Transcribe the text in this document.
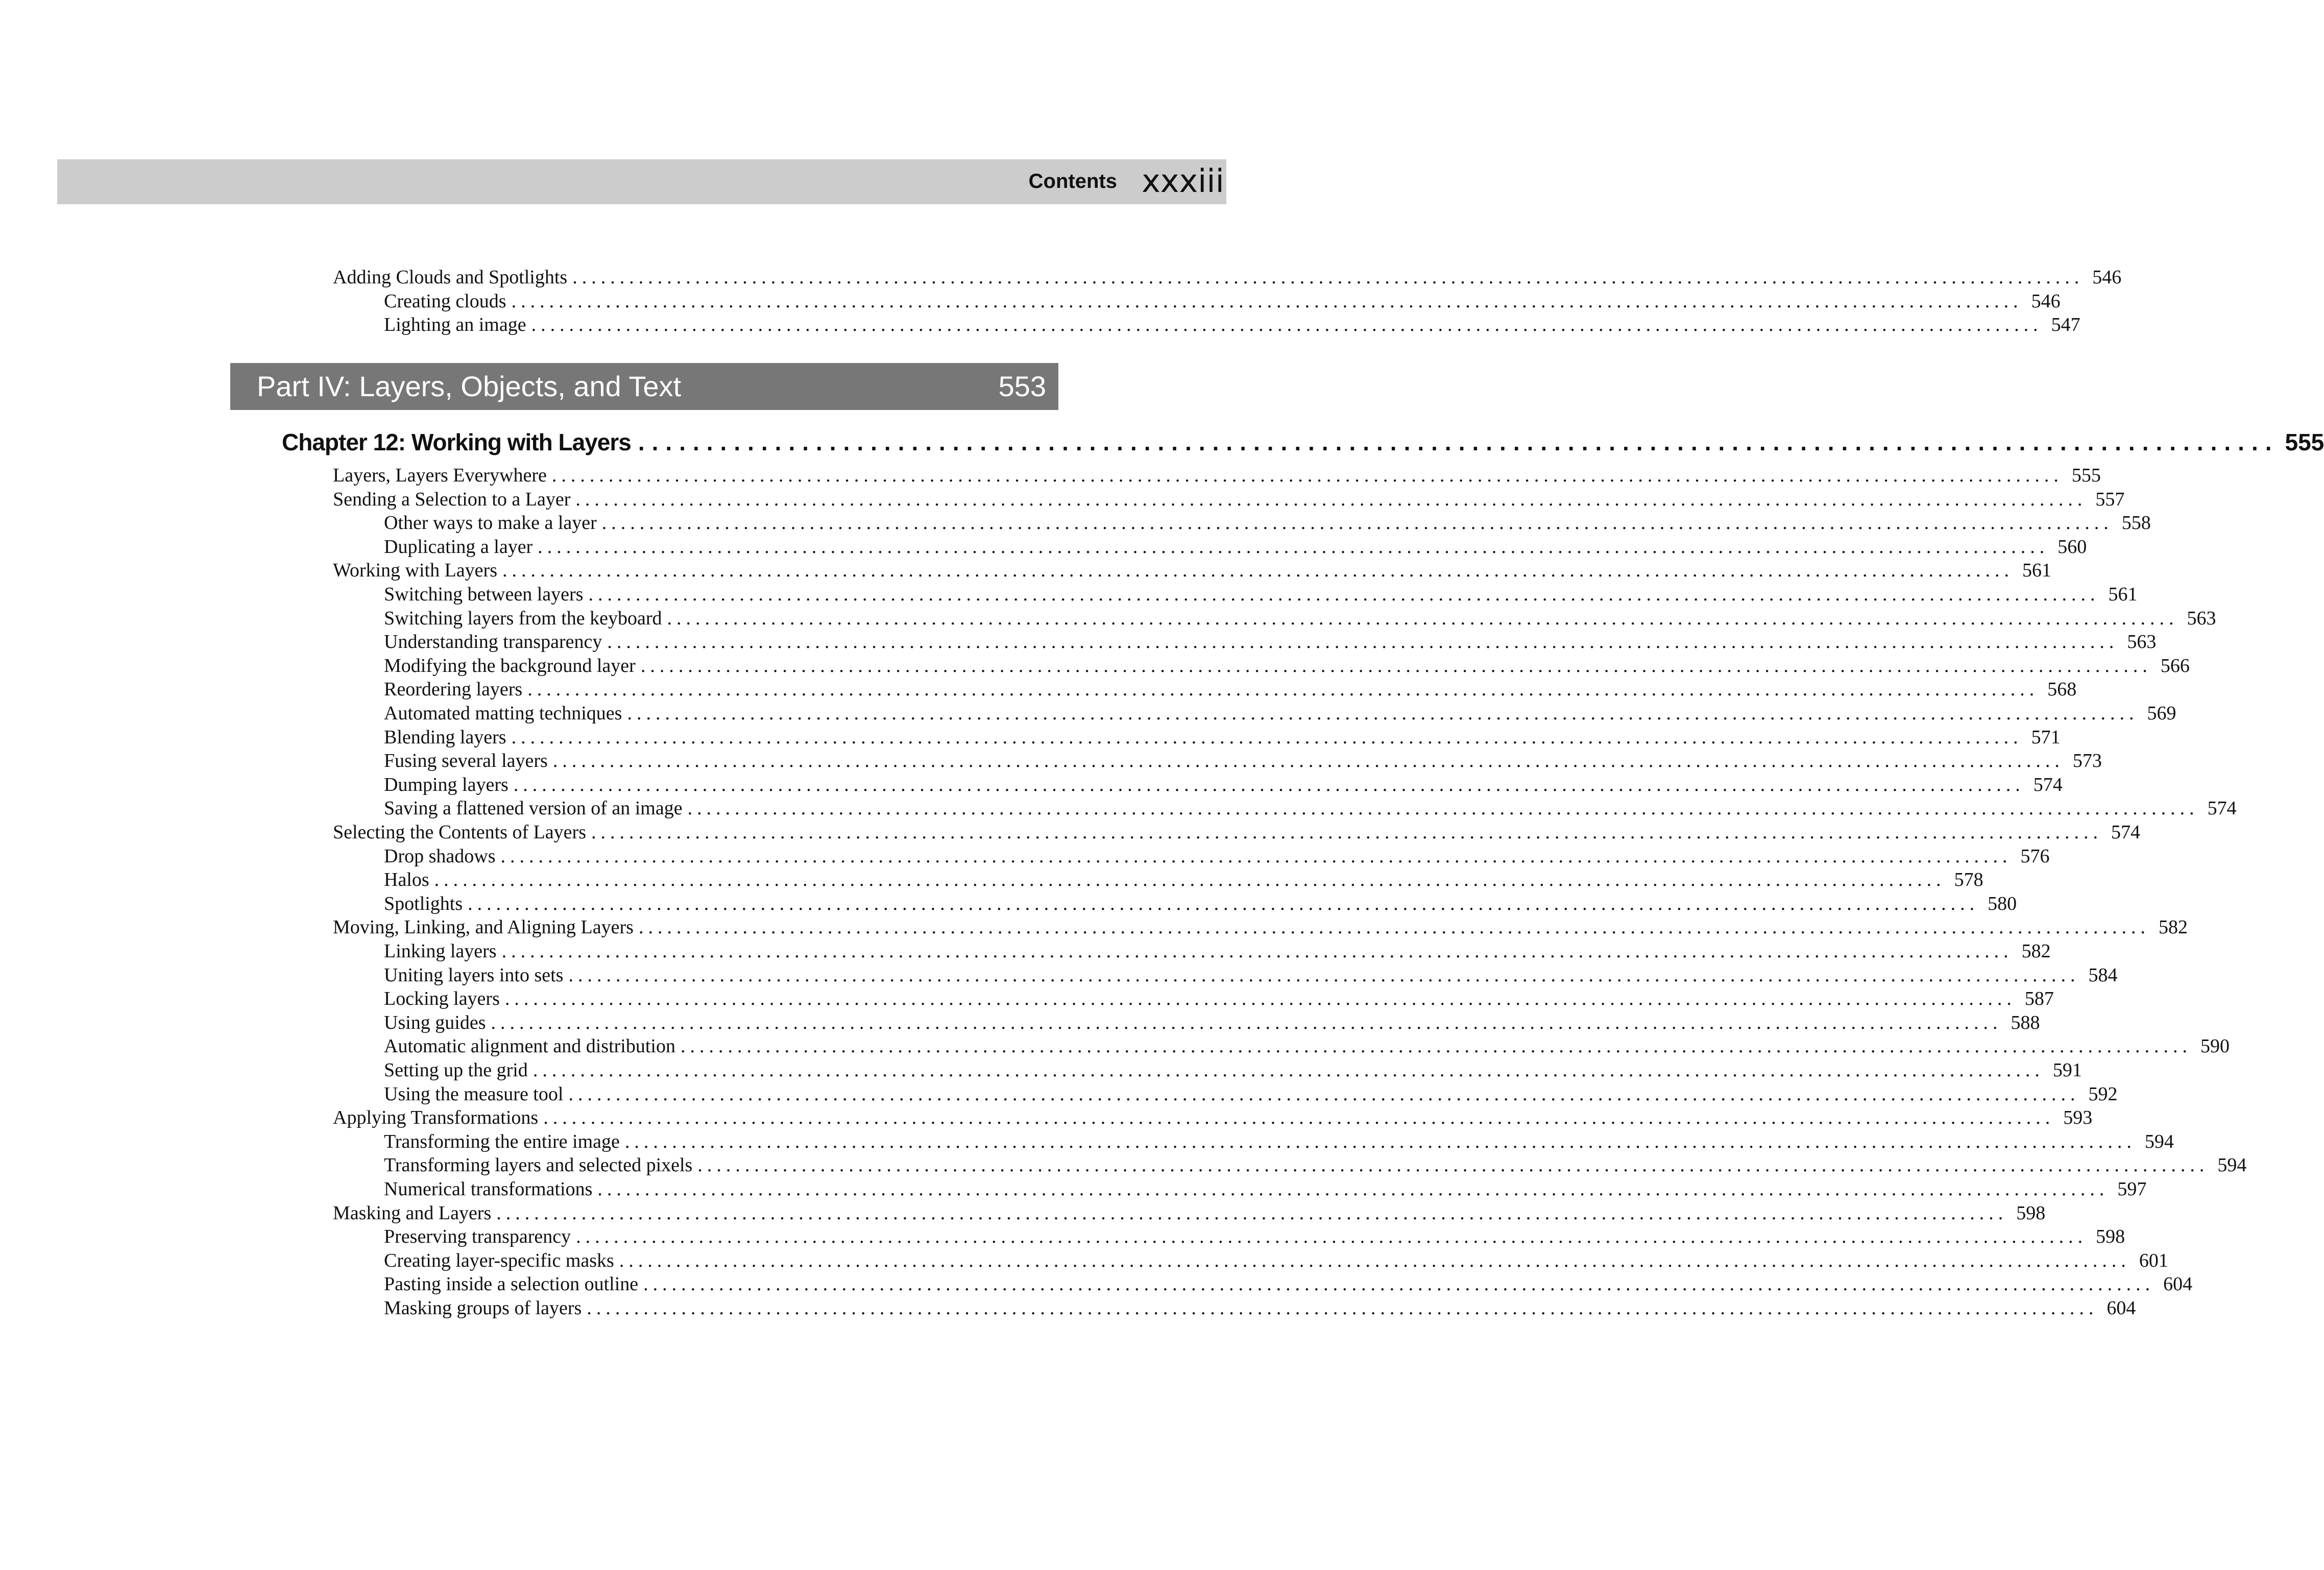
Contents xxxiii
Adding Clouds and Spotlights ................................................................................................................................................................ 546
Creating clouds ................................................................................................................................................................ 546
Lighting an image ................................................................................................................................................................ 547
Part IV: Layers, Objects, and Text	553
Chapter 12: Working with Layers ........................................................................................................................ 555
Layers, Layers Everywhere ................................................................................................................................................................ 555
Sending a Selection to a Layer ................................................................................................................................................................ 557
Other ways to make a layer ................................................................................................................................................................ 558
Duplicating a layer ................................................................................................................................................................ 560
Working with Layers ................................................................................................................................................................ 561
Switching between layers ................................................................................................................................................................ 561
Switching layers from the keyboard ................................................................................................................................................................ 563
Understanding transparency ................................................................................................................................................................ 563
Modifying the background layer ................................................................................................................................................................ 566
Reordering layers ................................................................................................................................................................ 568
Automated matting techniques ................................................................................................................................................................ 569
Blending layers ................................................................................................................................................................ 571
Fusing several layers ................................................................................................................................................................ 573
Dumping layers ................................................................................................................................................................ 574
Saving a flattened version of an image ................................................................................................................................................................ 574
Selecting the Contents of Layers ................................................................................................................................................................ 574
Drop shadows ................................................................................................................................................................ 576
Halos ................................................................................................................................................................ 578
Spotlights ................................................................................................................................................................ 580
Moving, Linking, and Aligning Layers ................................................................................................................................................................ 582
Linking layers ................................................................................................................................................................ 582
Uniting layers into sets ................................................................................................................................................................ 584
Locking layers ................................................................................................................................................................ 587
Using guides ................................................................................................................................................................ 588
Automatic alignment and distribution ................................................................................................................................................................ 590
Setting up the grid ................................................................................................................................................................ 591
Using the measure tool ................................................................................................................................................................ 592
Applying Transformations ................................................................................................................................................................ 593
Transforming the entire image ................................................................................................................................................................ 594
Transforming layers and selected pixels ................................................................................................................................................................ 594
Numerical transformations ................................................................................................................................................................ 597
Masking and Layers ................................................................................................................................................................ 598
Preserving transparency ................................................................................................................................................................ 598
Creating layer-specific masks ................................................................................................................................................................ 601
Pasting inside a selection outline ................................................................................................................................................................ 604
Masking groups of layers ................................................................................................................................................................ 604
